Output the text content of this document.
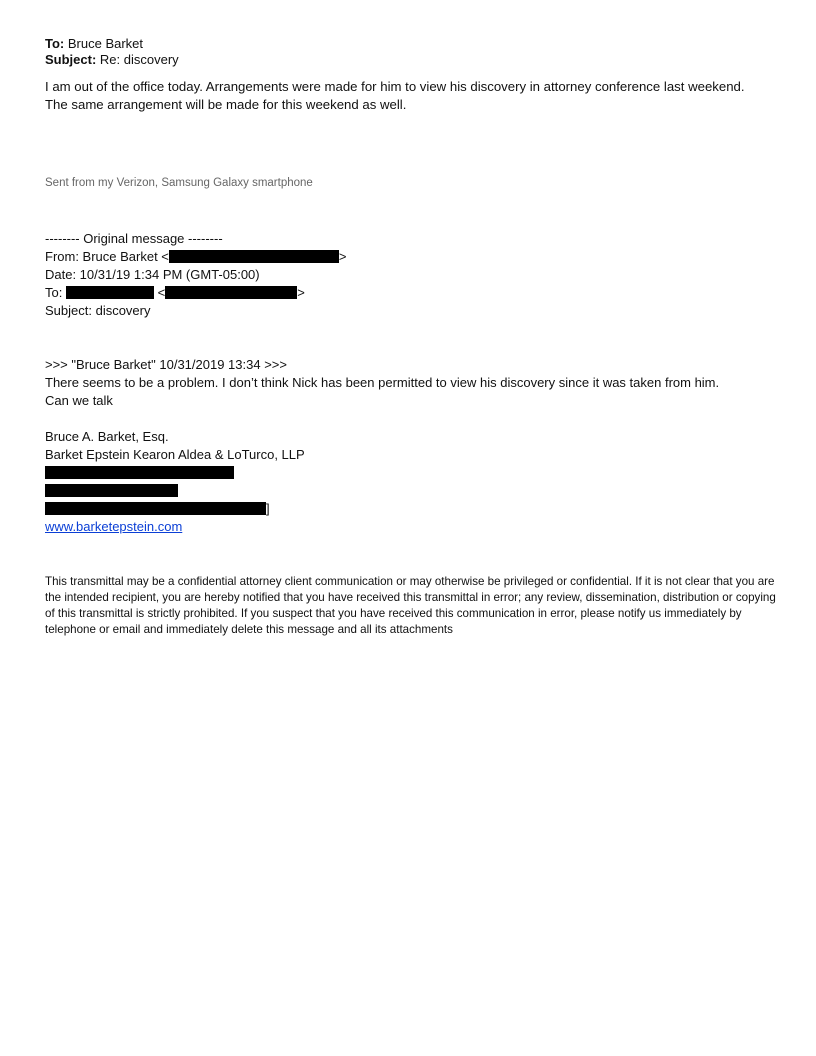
To: Bruce Barket
Subject: Re: discovery
I am out of the office today. Arrangements were made for him to view his discovery in attorney conference last weekend.
The same arrangement will be made for this weekend as well.
Sent from my Verizon, Samsung Galaxy smartphone
-------- Original message --------
From: Bruce Barket <	>
Date: 10/31/19 1:34 PM (GMT-05:00)
To:	<	>
Subject: discovery
>>> "Bruce Barket" 10/31/2019 13:34 >>>
There seems to be a problem. I don’t think Nick has been permitted to view his discovery since it was taken from him.
Can we talk
Bruce A. Barket, Esq.
Barket Epstein Kearon Aldea & LoTurco, LLP
]
www.barketepstein.com
This transmittal may be a confidential attorney client communication or may otherwise be privileged or confidential. If it is not clear that you are the intended recipient, you are hereby notified that you have received this transmittal in error; any review, dissemination, distribution or copying of this transmittal is strictly prohibited. If you suspect that you have received this communication in error, please notify us immediately by telephone or email and immediately delete this message and all its attachments
